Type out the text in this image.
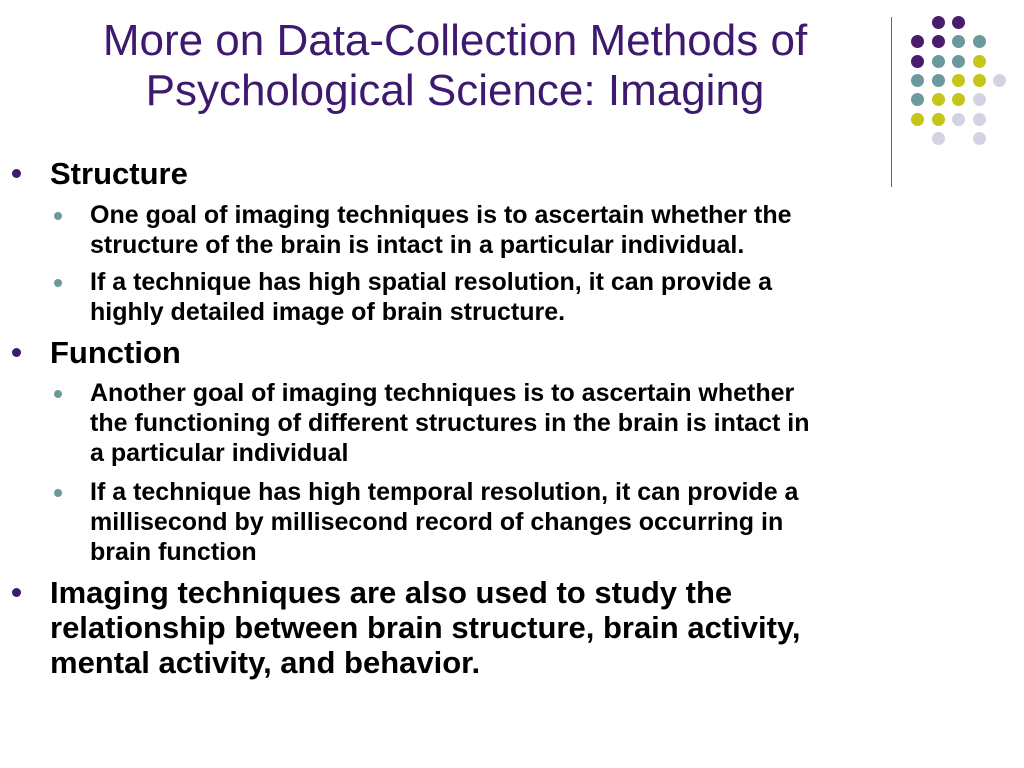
More on Data-Collection Methods of
Psychological Science: Imaging
Structure
One goal of imaging techniques is to ascertain whether the
structure of the brain is intact in a particular individual.
If a technique has high spatial resolution, it can provide a
highly detailed image of brain structure.
Function
Another goal of imaging techniques is to ascertain whether
the functioning of different structures in the brain is intact in
a particular individual
If a technique has high temporal resolution, it can provide a
millisecond by millisecond record of changes occurring in
brain function
Imaging techniques are also used to study the
relationship between brain structure, brain activity,
mental activity, and behavior.
